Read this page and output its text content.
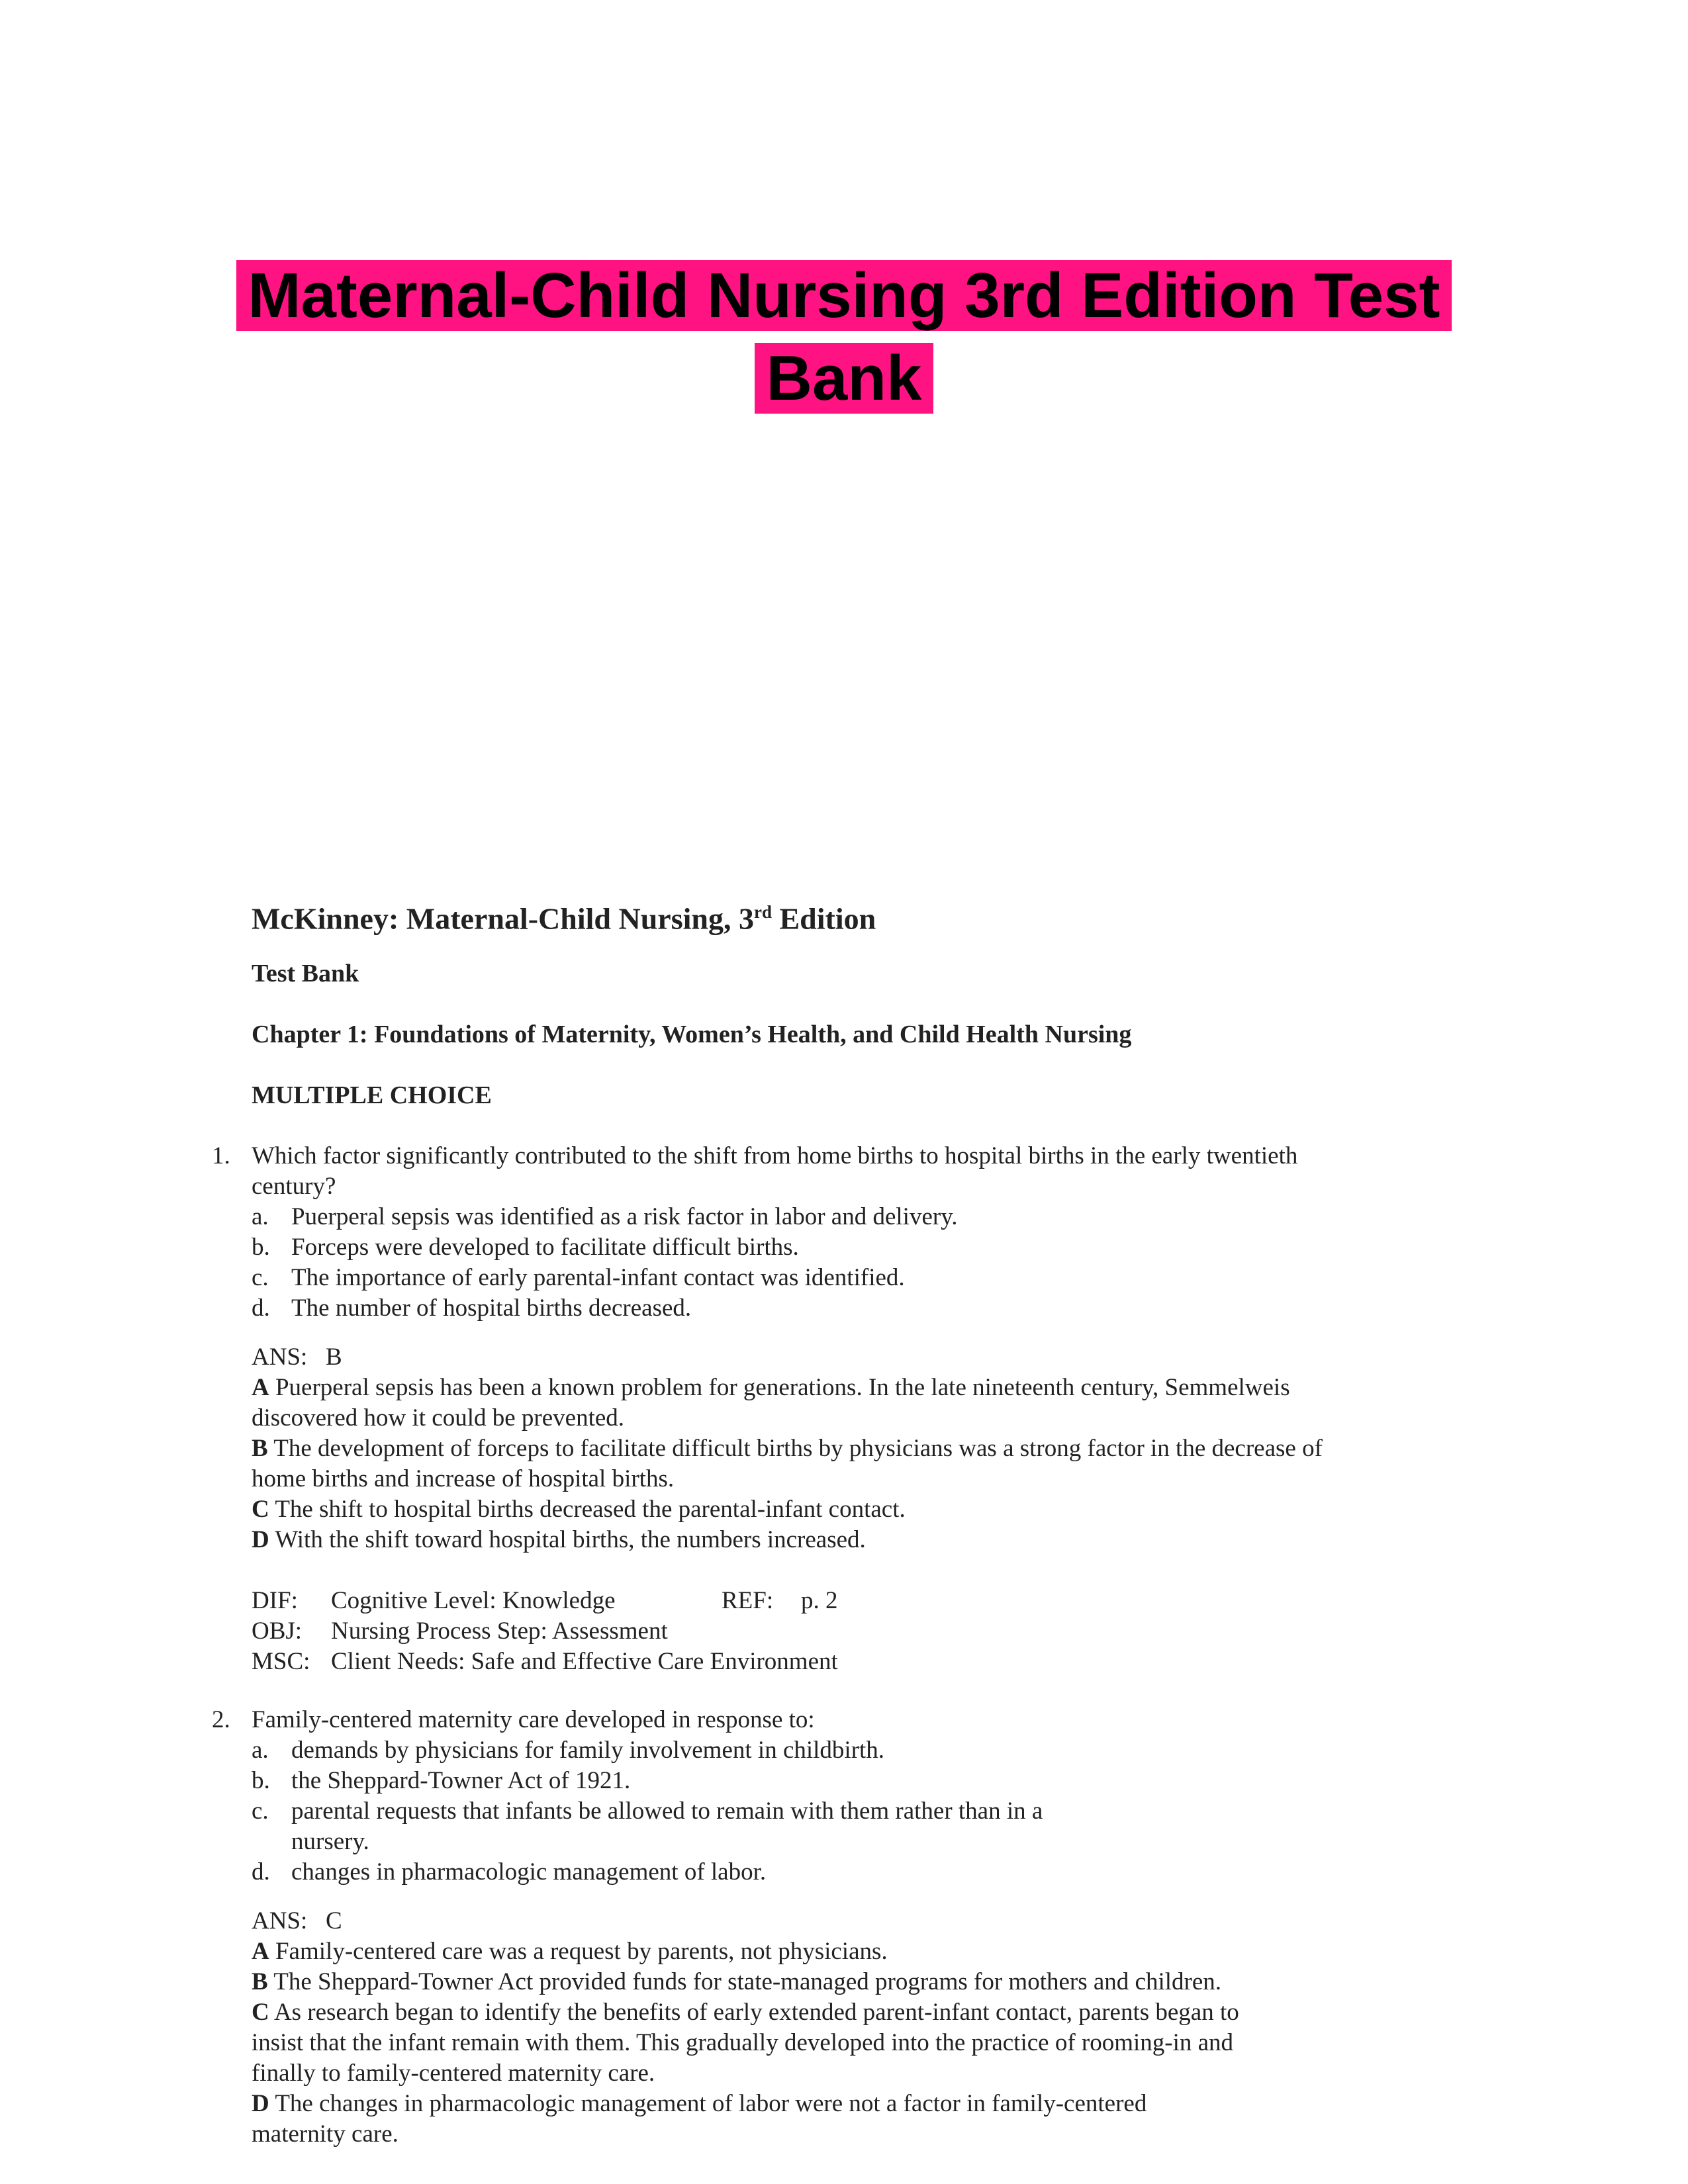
Maternal-Child Nursing 3rd Edition Test Bank
McKinney: Maternal-Child Nursing, 3rd Edition
Test Bank
Chapter 1: Foundations of Maternity, Women’s Health, and Child Health Nursing
MULTIPLE CHOICE
1. Which factor significantly contributed to the shift from home births to hospital births in the early twentieth century?
a. Puerperal sepsis was identified as a risk factor in labor and delivery.
b. Forceps were developed to facilitate difficult births.
c. The importance of early parental-infant contact was identified.
d. The number of hospital births decreased.
ANS:   B
A Puerperal sepsis has been a known problem for generations. In the late nineteenth century, Semmelweis discovered how it could be prevented.
B The development of forceps to facilitate difficult births by physicians was a strong factor in the decrease of home births and increase of hospital births.
C The shift to hospital births decreased the parental-infant contact.
D With the shift toward hospital births, the numbers increased.
DIF:	Cognitive Level: Knowledge	REF:	p. 2
OBJ:	Nursing Process Step: Assessment
MSC: Client Needs: Safe and Effective Care Environment
2. Family-centered maternity care developed in response to:
a. demands by physicians for family involvement in childbirth.
b. the Sheppard-Towner Act of 1921.
c. parental requests that infants be allowed to remain with them rather than in a nursery.
d. changes in pharmacologic management of labor.
ANS:   C
A Family-centered care was a request by parents, not physicians.
B The Sheppard-Towner Act provided funds for state-managed programs for mothers and children.
C As research began to identify the benefits of early extended parent-infant contact, parents began to insist that the infant remain with them. This gradually developed into the practice of rooming-in and finally to family-centered maternity care.
D The changes in pharmacologic management of labor were not a factor in family-centered maternity care.
